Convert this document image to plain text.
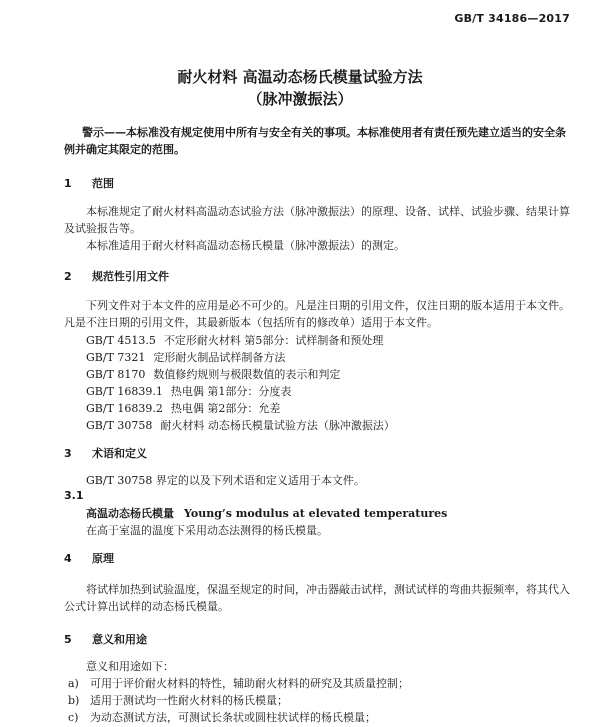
GB/T 34186—2017
耐火材料 高温动态杨氏模量试验方法
（脉冲激振法）
警示——本标准没有规定使用中所有与安全有关的事项。本标准使用者有责任预先建立适当的安全条例并确定其限定的范围。
1 范围
本标准规定了耐火材料高温动态试验方法（脉冲激振法）的原理、设备、试样、试验步骤、结果计算及试验报告等。
本标准适用于耐火材料高温动态杨氏模量（脉冲激振法）的测定。
2 规范性引用文件
下列文件对于本文件的应用是必不可少的。凡是注日期的引用文件，仅注日期的版本适用于本文件。凡是不注日期的引用文件，其最新版本（包括所有的修改单）适用于本文件。
GB/T 4513.5 不定形耐火材料 第5部分：试样制备和预处理
GB/T 7321 定形耐火制品试样制备方法
GB/T 8170 数值修约规则与极限数值的表示和判定
GB/T 16839.1 热电偶 第1部分：分度表
GB/T 16839.2 热电偶 第2部分：允差
GB/T 30758 耐火材料 动态杨氏模量试验方法（脉冲激振法）
3 术语和定义
GB/T 30758 界定的以及下列术语和定义适用于本文件。
3.1
高温动态杨氏模量 Young’s modulus at elevated temperatures
在高于室温的温度下采用动态法测得的杨氏模量。
4 原理
将试样加热到试验温度，保温至规定的时间，冲击器敲击试样，测试试样的弯曲共振频率，将其代入公式计算出试样的动态杨氏模量。
5 意义和用途
意义和用途如下：
a) 可用于评价耐火材料的特性，辅助耐火材料的研究及其质量控制；
b) 适用于测试均一性耐火材料的杨氏模量；
c) 为动态测试方法，可测试长条状或圆柱状试样的杨氏模量；
